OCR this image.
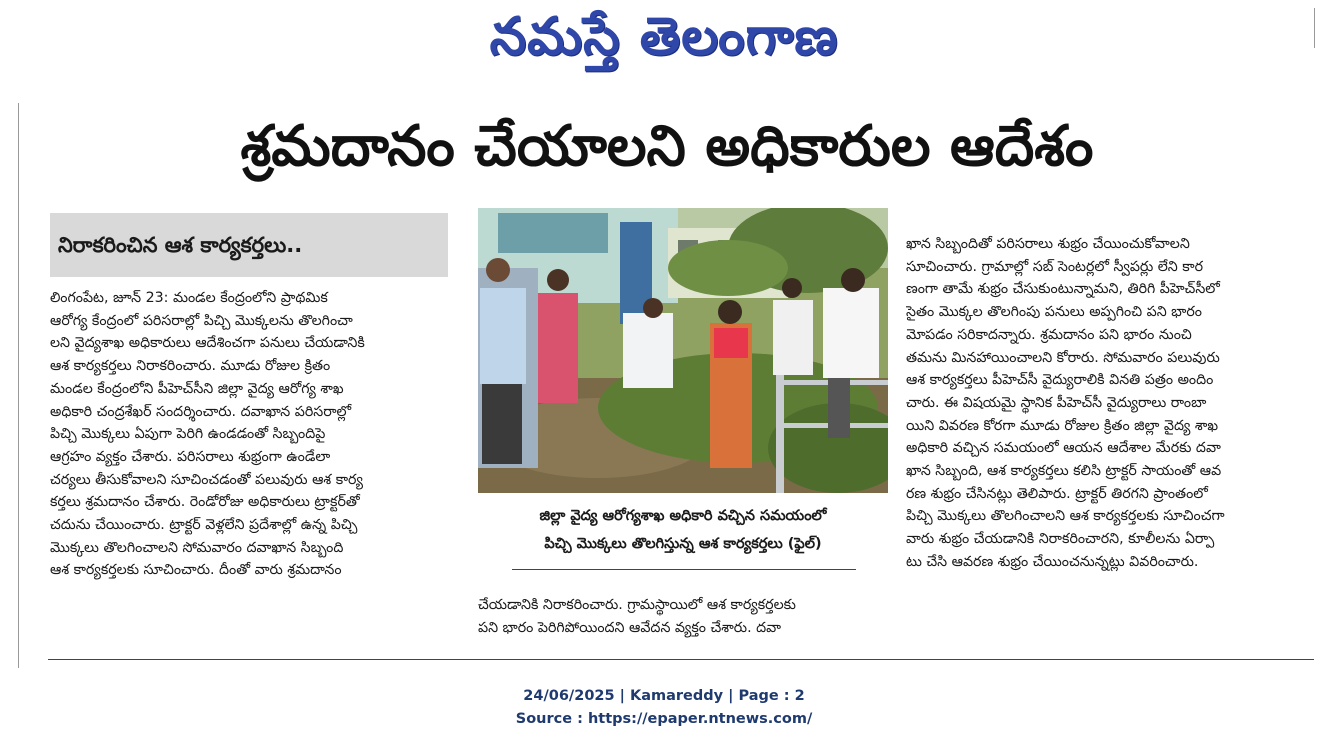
నమస్తే తెలంగాణ
శ్రమదానం చేయాలని అధికారుల ఆదేశం
నిరాకరించిన ఆశ కార్యకర్తలు..
లింగంపేట, జూన్ 23: మండల కేంద్రంలోని ప్రాథమిక
ఆరోగ్య కేంద్రంలో పరిసరాల్లో పిచ్చి మొక్కలను తొలగించా
లని వైద్యశాఖ అధికారులు ఆదేశించగా పనులు చేయడానికి
ఆశ కార్యకర్తలు నిరాకరించారు. మూడు రోజుల క్రితం
మండల కేంద్రంలోని పీహెచ్‌సీని జిల్లా వైద్య ఆరోగ్య శాఖ
అధికారి చంద్రశేఖర్ సందర్శించారు. దవాఖాన పరిసరాల్లో
పిచ్చి మొక్కలు ఏపుగా పెరిగి ఉండడంతో సిబ్బందిపై
ఆగ్రహం వ్యక్తం చేశారు. పరిసరాలు శుభ్రంగా ఉండేలా
చర్యలు తీసుకోవాలని సూచించడంతో పలువురు ఆశ కార్య
కర్తలు శ్రమదానం చేశారు. రెండోరోజు అధికారులు ట్రాక్టర్‌తో
చదును చేయించారు. ట్రాక్టర్ వెళ్లలేని ప్రదేశాల్లో ఉన్న పిచ్చి
మొక్కలు తొలగించాలని సోమవారం దవాఖాన సిబ్బంది
ఆశ కార్యకర్తలకు సూచించారు. దీంతో వారు శ్రమదానం
జిల్లా వైద్య ఆరోగ్యశాఖ అధికారి వచ్చిన సమయంలో
పిచ్చి మొక్కలు తొలగిస్తున్న ఆశ కార్యకర్తలు (ఫైల్)
చేయడానికి నిరాకరించారు. గ్రామస్థాయిలో ఆశ కార్యకర్తలకు
పని భారం పెరిగిపోయిందని ఆవేదన వ్యక్తం చేశారు. దవా
ఖాన సిబ్బందితో పరిసరాలు శుభ్రం చేయించుకోవాలని
సూచించారు. గ్రామాల్లో సబ్ సెంటర్లలో స్వీపర్లు లేని కార
ణంగా తామే శుభ్రం చేసుకుంటున్నామని, తిరిగి పీహెచ్‌సీలో
సైతం మొక్కల తొలగింపు పనులు అప్పగించి పని భారం
మోపడం సరికాదన్నారు. శ్రమదానం పని భారం నుంచి
తమను మినహాయించాలని కోరారు. సోమవారం పలువురు
ఆశ కార్యకర్తలు పీహెచ్‌సీ వైద్యురాలికి వినతి పత్రం అందిం
చారు. ఈ విషయమై స్థానిక పీహెచ్‌సీ వైద్యురాలు రాంబా
యిని వివరణ కోరగా మూడు రోజుల క్రితం జిల్లా వైద్య శాఖ
అధికారి వచ్చిన సమయంలో ఆయన ఆదేశాల మేరకు దవా
ఖాన సిబ్బంది, ఆశ కార్యకర్తలు కలిసి ట్రాక్టర్ సాయంతో ఆవ
రణ శుభ్రం చేసినట్లు తెలిపారు. ట్రాక్టర్ తిరగని ప్రాంతంలో
పిచ్చి మొక్కలు తొలగించాలని ఆశ కార్యకర్తలకు సూచించగా
వారు శుభ్రం చేయడానికి నిరాకరించారని, కూలీలను ఏర్పా
టు చేసి ఆవరణ శుభ్రం చేయించనున్నట్లు వివరించారు.
24/06/2025 | Kamareddy | Page : 2
Source : https://epaper.ntnews.com/
